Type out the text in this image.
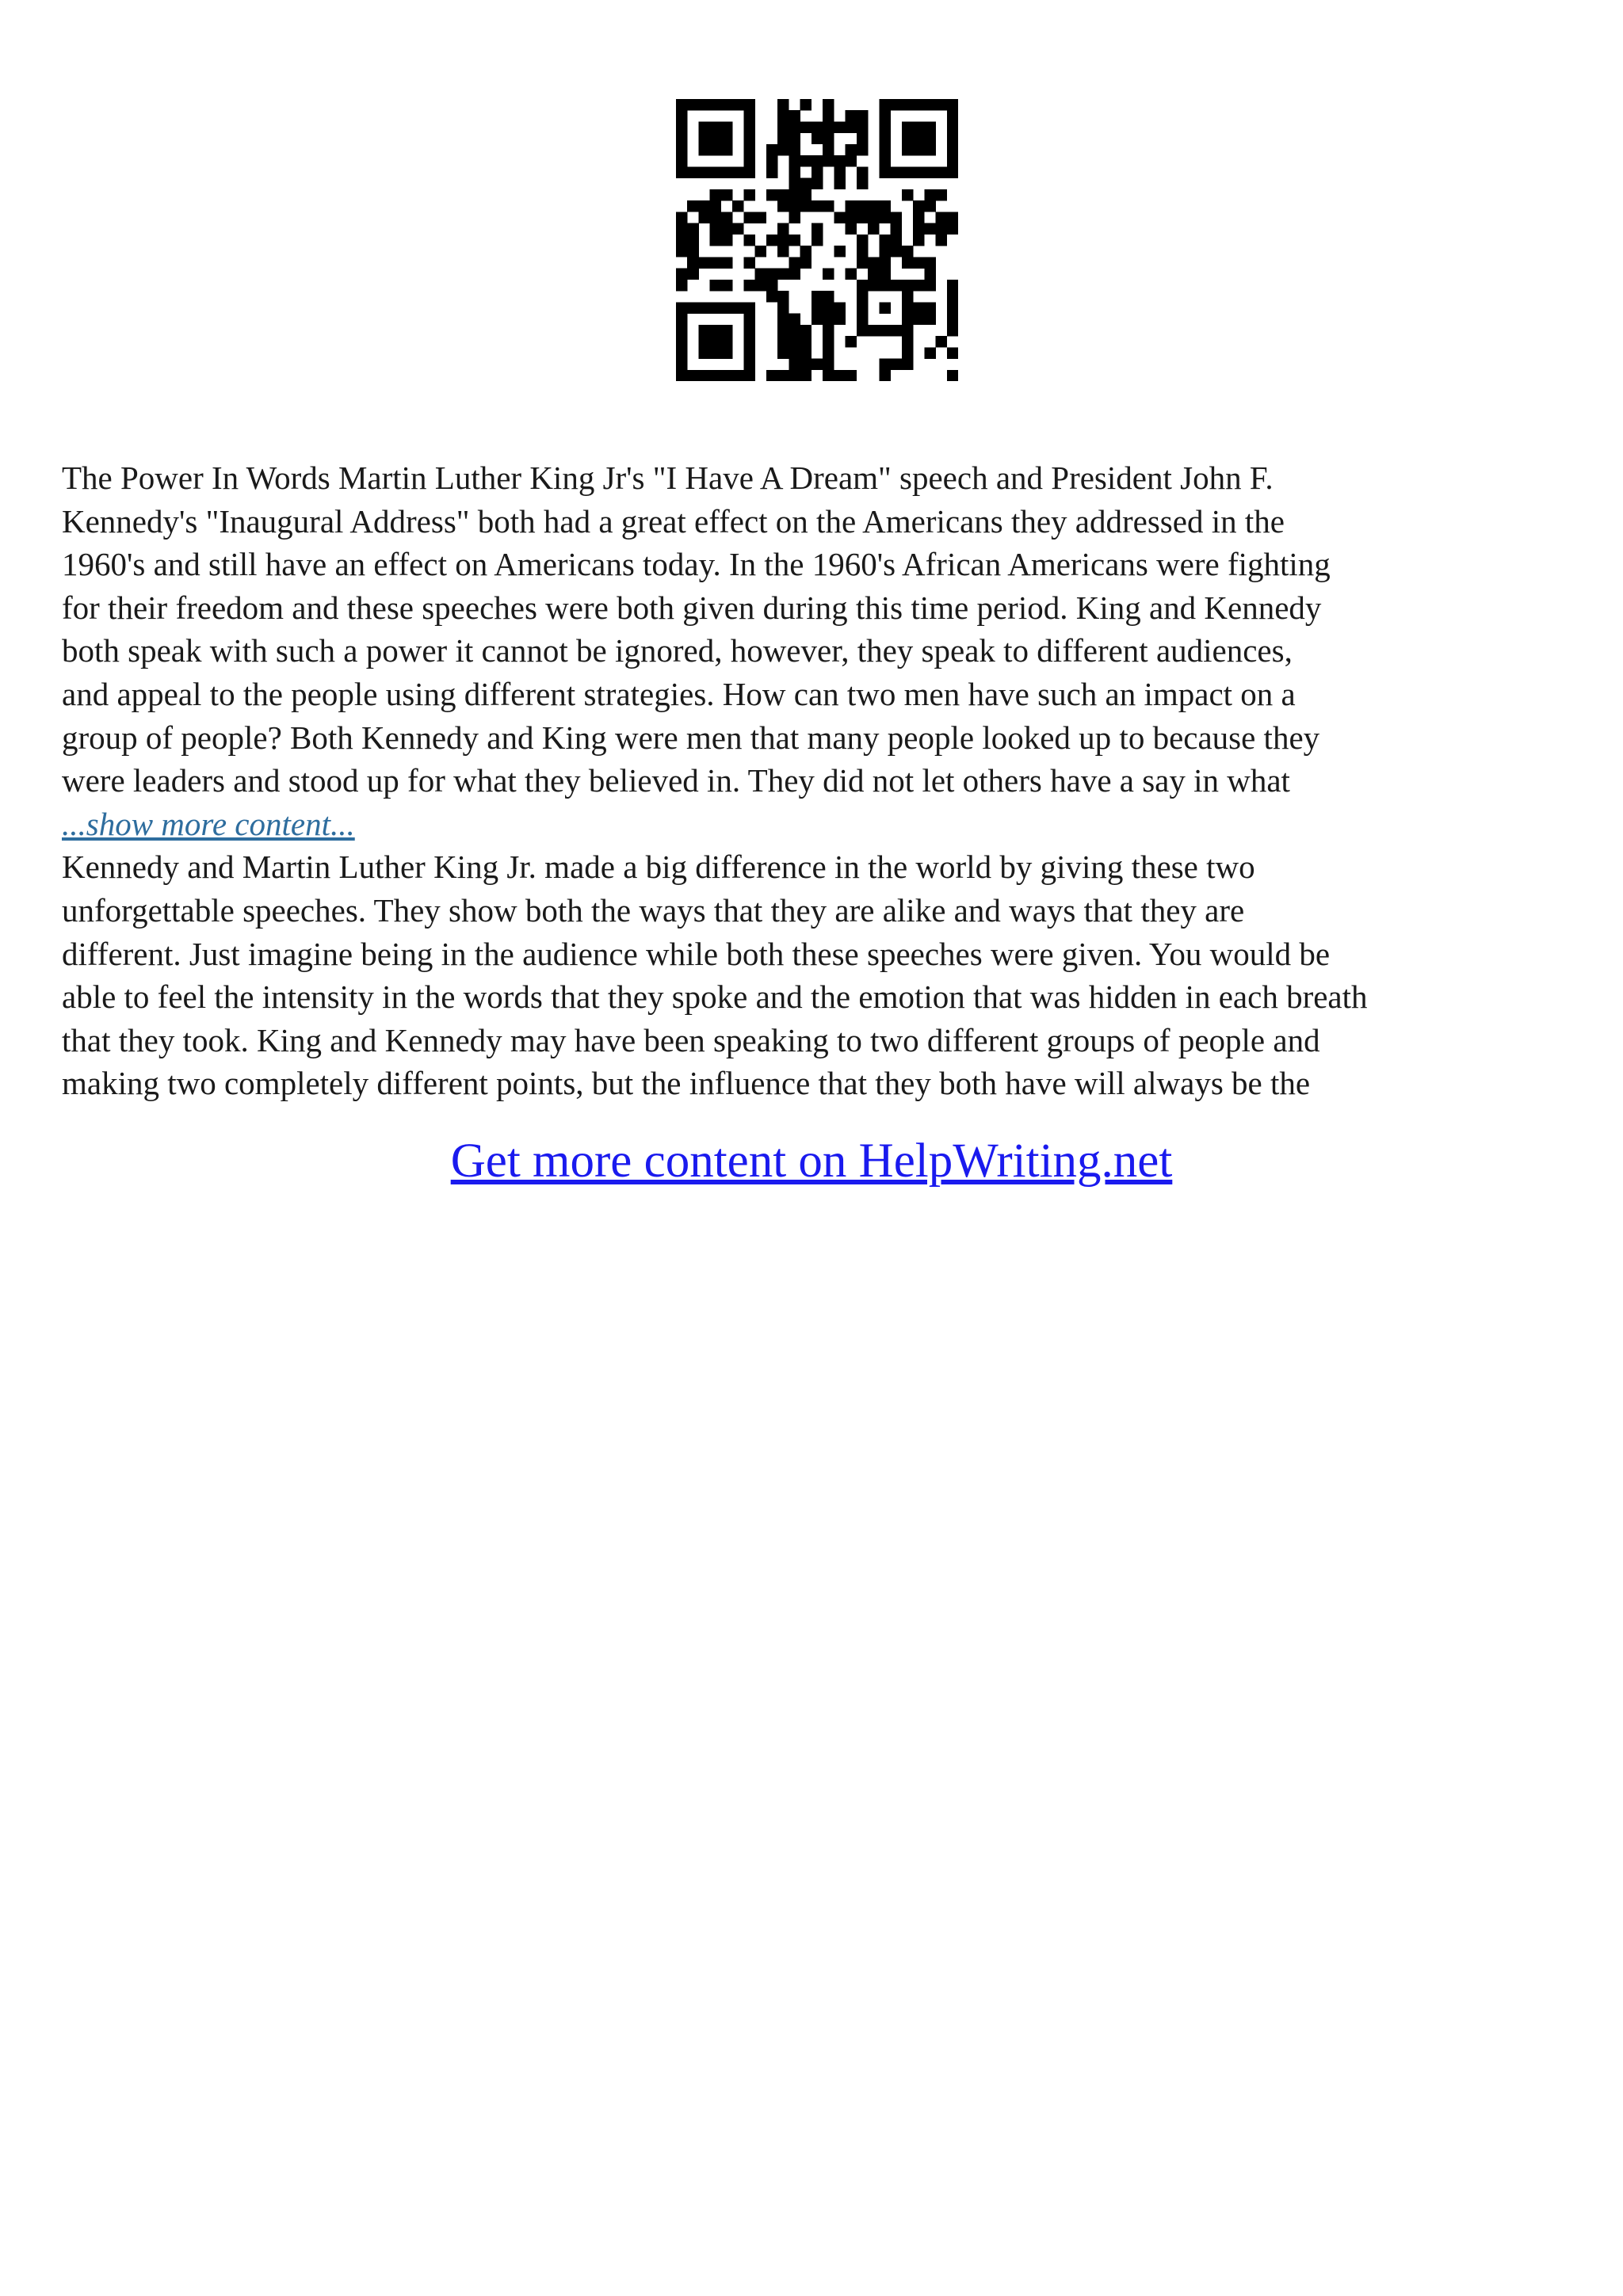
The Power In Words Martin Luther King Jr's "I Have A Dream" speech and President John F.
Kennedy's "Inaugural Address" both had a great effect on the Americans they addressed in the
1960's and still have an effect on Americans today. In the 1960's African Americans were fighting
for their freedom and these speeches were both given during this time period. King and Kennedy
both speak with such a power it cannot be ignored, however, they speak to different audiences,
and appeal to the people using different strategies. How can two men have such an impact on a
group of people? Both Kennedy and King were men that many people looked up to because they
were leaders and stood up for what they believed in. They did not let others have a say in what

...show more content...

Kennedy and Martin Luther King Jr. made a big difference in the world by giving these two
unforgettable speeches. They show both the ways that they are alike and ways that they are
different. Just imagine being in the audience while both these speeches were given. You would be
able to feel the intensity in the words that they spoke and the emotion that was hidden in each breath
that they took. King and Kennedy may have been speaking to two different groups of people and
making two completely different points, but the influence that they both have will always be the

Get more content on HelpWriting.net
